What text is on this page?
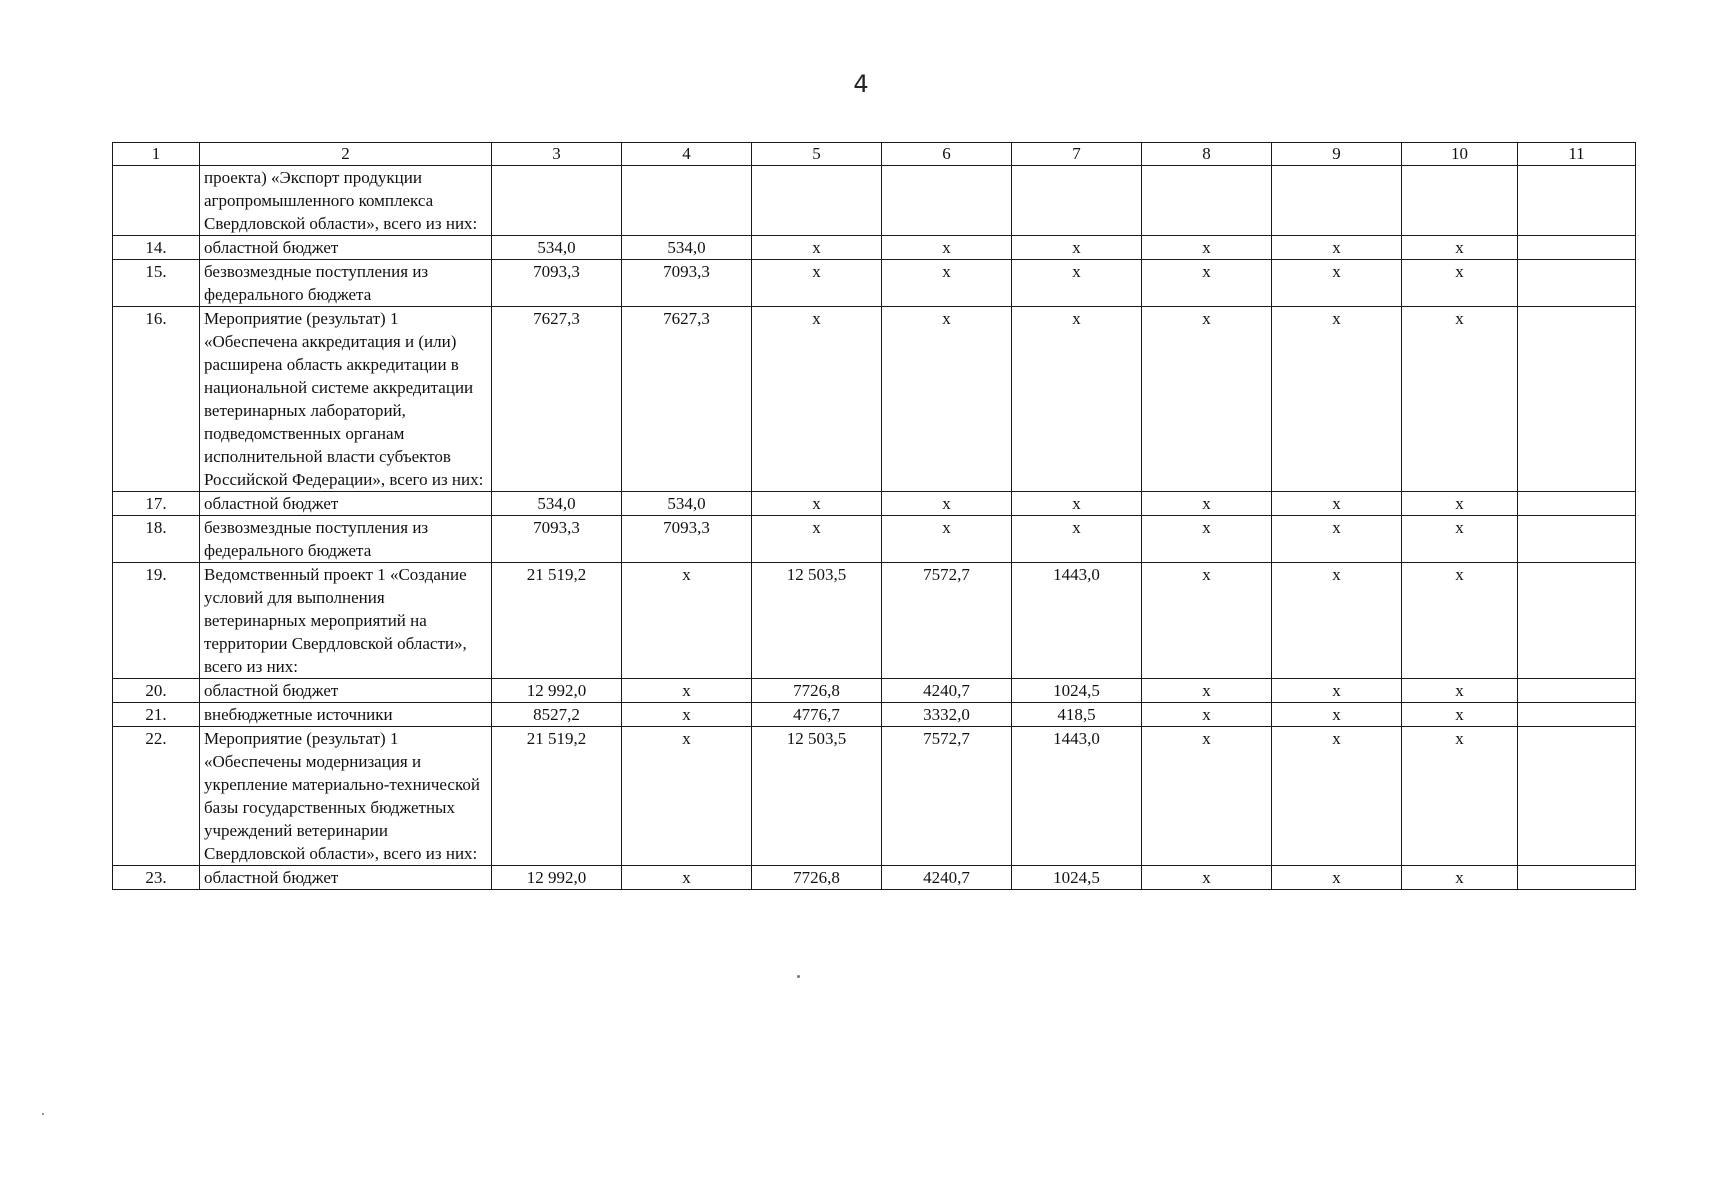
4
1	2	3	4	5	6	7	8	9	10	11
	проекта) «Экспорт продукции агропромышленного комплекса Свердловской области», всего из них:									
14.	областной бюджет	534,0	534,0	х	х	х	х	х	х	
15.	безвозмездные поступления из федерального бюджета	7093,3	7093,3	х	х	х	х	х	х	
16.	Мероприятие (результат) 1 «Обеспечена аккредитация и (или) расширена область аккредитации в национальной системе аккредитации ветеринарных лабораторий, подведомственных органам исполнительной власти субъектов Российской Федерации», всего из них:	7627,3	7627,3	х	х	х	х	х	х	
17.	областной бюджет	534,0	534,0	х	х	х	х	х	х	
18.	безвозмездные поступления из федерального бюджета	7093,3	7093,3	х	х	х	х	х	х	
19.	Ведомственный проект 1 «Создание условий для выполнения ветеринарных мероприятий на территории Свердловской области», всего из них:	21 519,2	х	12 503,5	7572,7	1443,0	х	х	х	
20.	областной бюджет	12 992,0	х	7726,8	4240,7	1024,5	х	х	х	
21.	внебюджетные источники	8527,2	х	4776,7	3332,0	418,5	х	х	х	
22.	Мероприятие (результат) 1 «Обеспечены модернизация и укрепление материально-технической базы государственных бюджетных учреждений ветеринарии Свердловской области», всего из них:	21 519,2	х	12 503,5	7572,7	1443,0	х	х	х	
23.	областной бюджет	12 992,0	х	7726,8	4240,7	1024,5	х	х	х	
